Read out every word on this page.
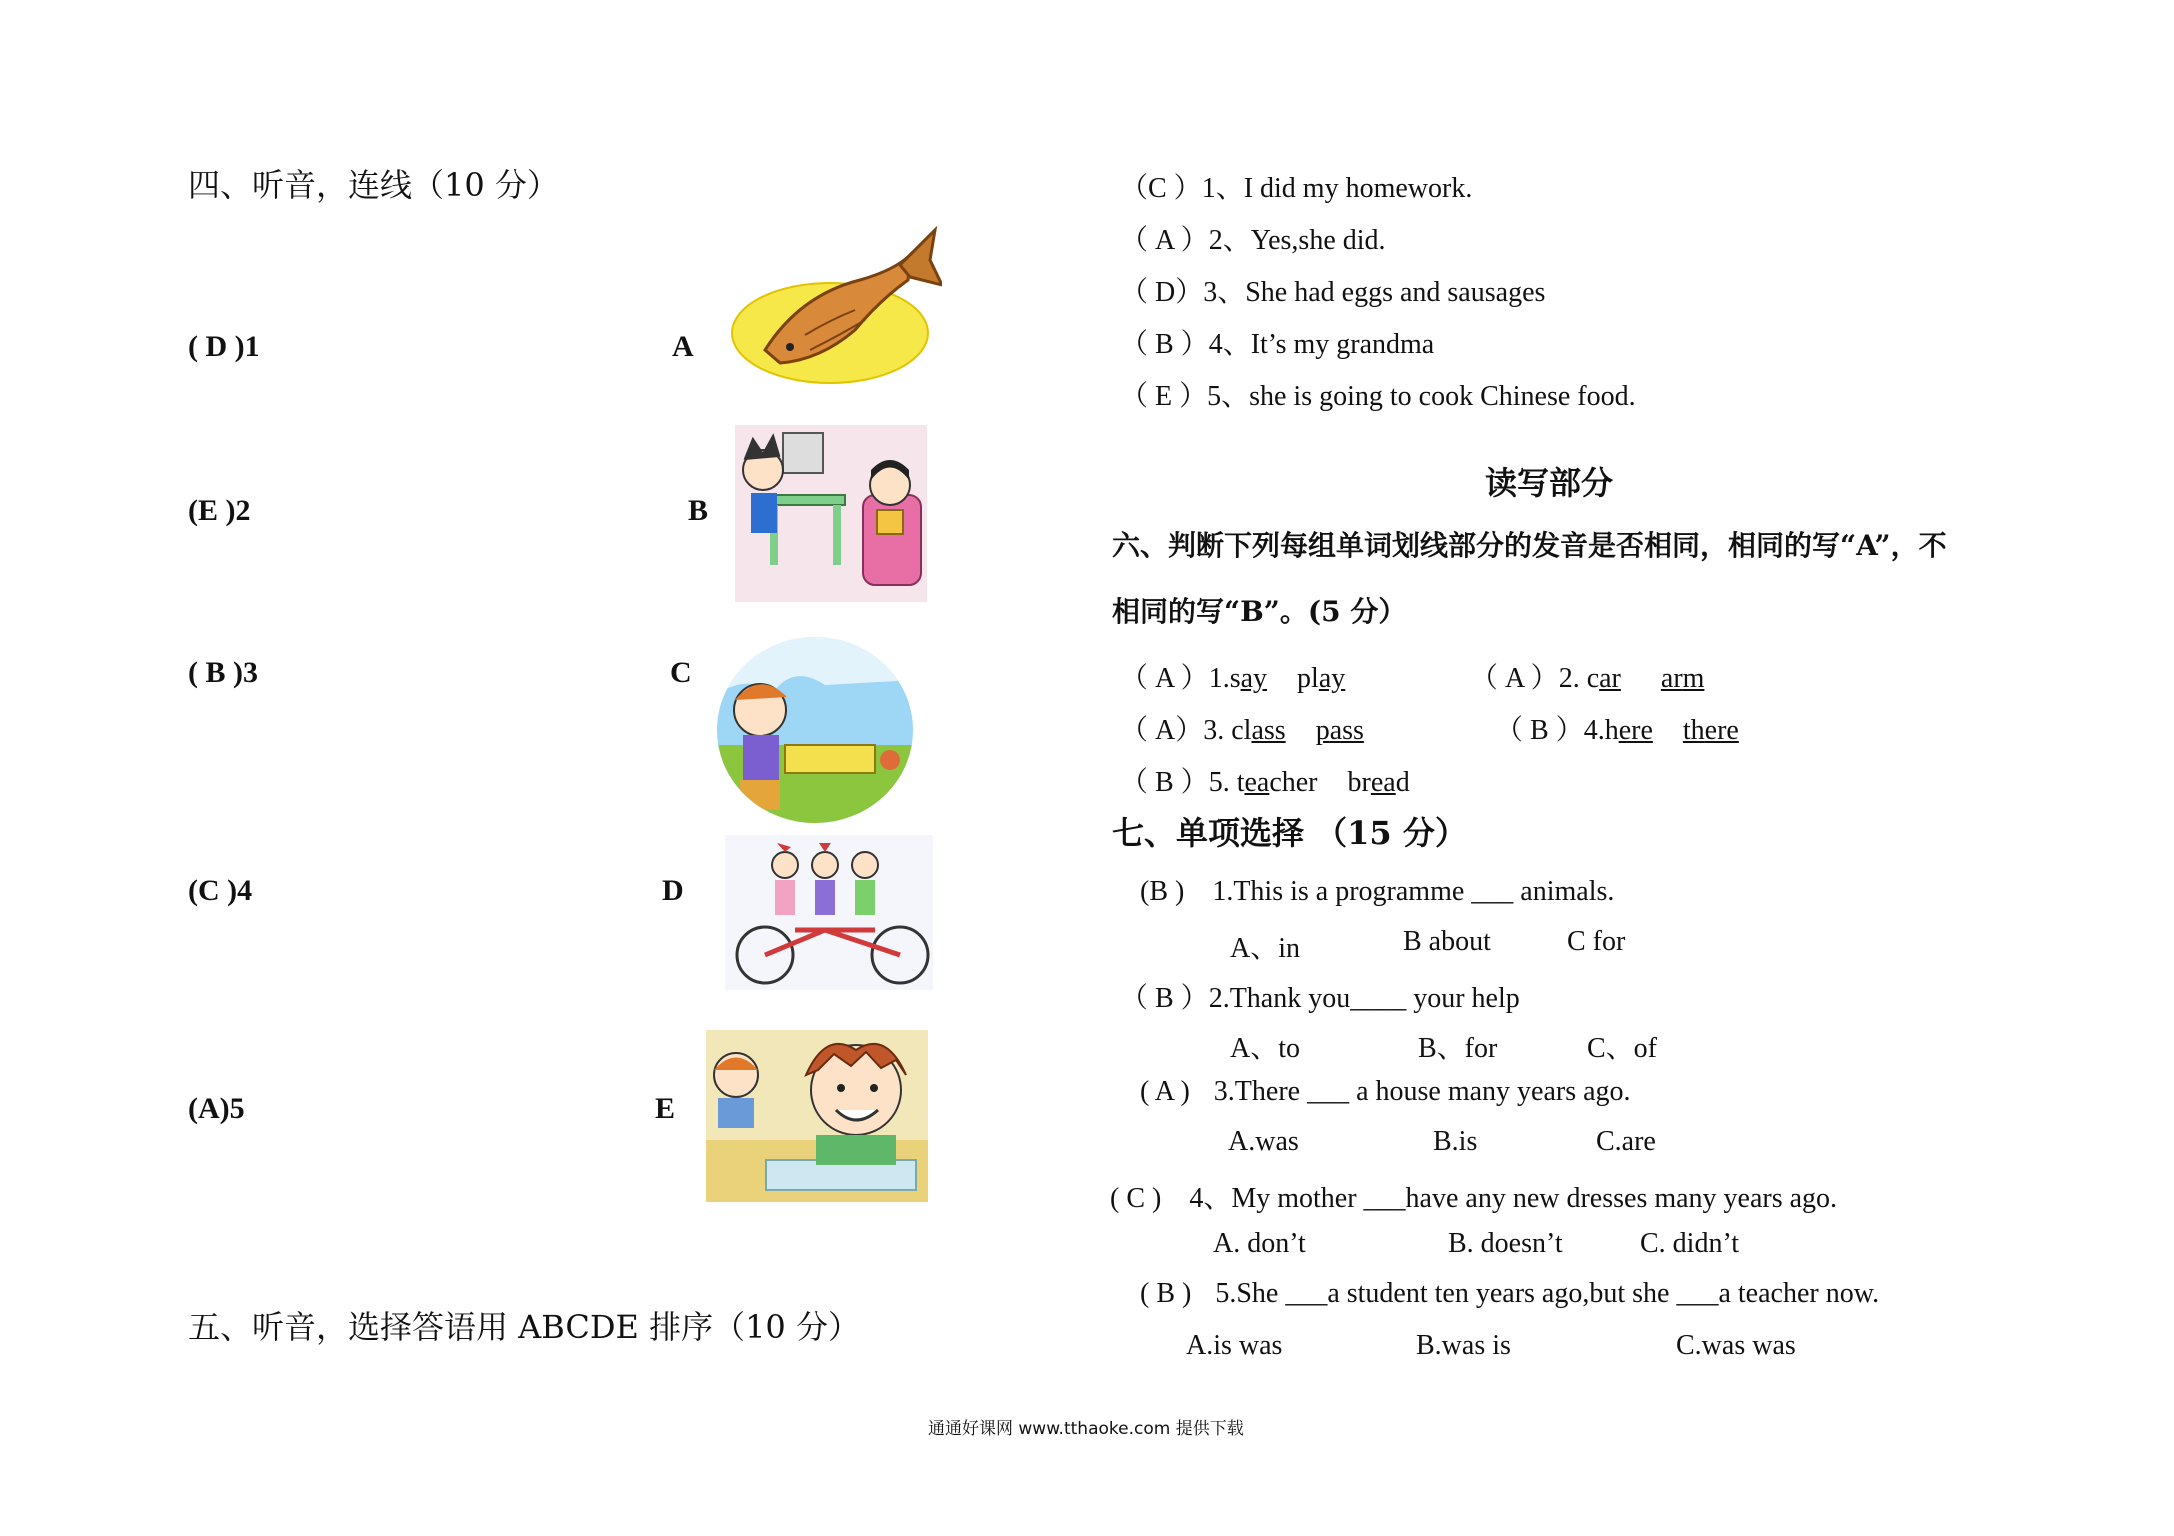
四、听音，连线（10 分）
( D )1	A
(E )2	B
( B )3	C
(C )4	D
(A)5	E
五、听音，选择答语用 ABCDE 排序（10 分）
（C ）1、I did my homework.
（ A ）2、Yes,she did.
（ D）3、She had eggs and sausages
（ B ）4、It’s my grandma
（ E ）5、she is going to cook Chinese food.
读写部分
六、判断下列每组单词划线部分的发音是否相同，相同的写“A”，不
相同的写“B”。(5 分）
（ A ）1.say play	（ A ）2. car arm
（ A）3. class pass	（ B ）4.here there
（ B ）5. teacher bread
七、单项选择 （15 分）
(B ) 1.This is a programme ___ animals.
A、in	B about	C for
（ B ）2.Thank you____ your help
A、to	B、for	C、of
( A ) 3.There ___ a house many years ago.
A.was	B.is	C.are
( C ) 4、My mother ___have any new dresses many years ago.
A. don’t	B. doesn’t	C. didn’t
( B ) 5.She ___a student ten years ago,but she ___a teacher now.
A.is was	B.was is	C.was was
通通好课网 www.tthaoke.com 提供下载
